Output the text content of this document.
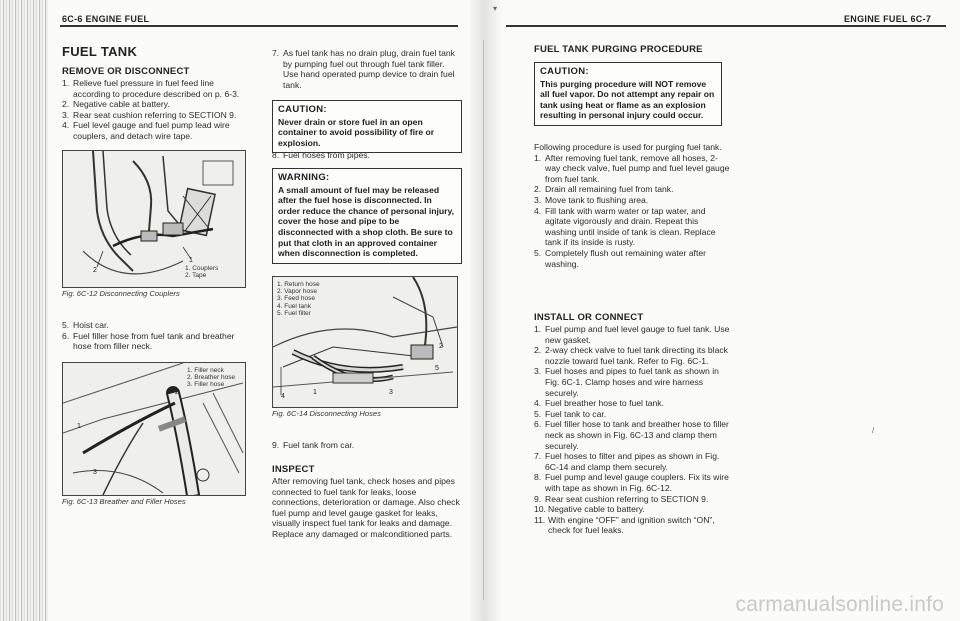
6C-6 ENGINE FUEL
FUEL TANK
REMOVE OR DISCONNECT
1. Relieve fuel pressure in fuel feed line according to procedure described on p. 6-3.
2. Negative cable at battery.
3. Rear seat cushion referring to SECTION 9.
4. Fuel level gauge and fuel pump lead wire couplers, and detach wire tape.
1
2	1. Couplers
2. Tape
Fig. 6C-12 Disconnecting Couplers
5. Hoist car.
6. Fuel filler hose from fuel tank and breather hose from filler neck.
1
2
3
1. Filler neck
2. Breather hose
3. Filler hose
Fig. 6C-13 Breather and Filler Hoses
7. As fuel tank has no drain plug, drain fuel tank by pumping fuel out through fuel tank filler. Use hand operated pump device to drain fuel tank.
CAUTION:
Never drain or store fuel in an open container to avoid possibility of fire or explosion.
8. Fuel hoses from pipes.
WARNING:
A small amount of fuel may be released after the fuel hose is disconnected. In order reduce the chance of personal injury, cover the hose and pipe to be disconnected with a shop cloth. Be sure to put that cloth in an approved container when disconnection is completed.
1. Return hose
2. Vapor hose
3. Feed hose
4. Fuel tank
5. Fuel filter
1
2
3
4
5
Fig. 6C-14 Disconnecting Hoses
9. Fuel tank from car.
INSPECT

After removing fuel tank, check hoses and pipes connected to fuel tank for leaks, loose connections, deterioration or damage. Also check fuel pump and level gauge gasket for leaks, visually inspect fuel tank for leaks and damage.

Replace any damaged or malconditioned parts.

ENGINE FUEL 6C-7
▾
FUEL TANK PURGING PROCEDURE
CAUTION:
This purging procedure will NOT remove all fuel vapor. Do not attempt any repair on tank using heat or flame as an explosion resulting in personal injury could occur.

Following procedure is used for purging fuel tank.

1. After removing fuel tank, remove all hoses, 2-way check valve, fuel pump and fuel level gauge from fuel tank.
2. Drain all remaining fuel from tank.
3. Move tank to flushing area.
4. Fill tank with warm water or tap water, and agitate vigorously and drain. Repeat this washing until inside of tank is clean. Replace tank if its inside is rusty.
5. Completely flush out remaining water after washing.
INSTALL OR CONNECT
1. Fuel pump and fuel level gauge to fuel tank. Use new gasket.
2. 2-way check valve to fuel tank directing its black nozzle toward fuel tank. Refer to Fig. 6C-1.
3. Fuel hoses and pipes to fuel tank as shown in Fig. 6C-1. Clamp hoses and wire harness securely.
4. Fuel breather hose to fuel tank.
5. Fuel tank to car.
6. Fuel filler hose to tank and breather hose to filler neck as shown in Fig. 6C-13 and clamp them securely.
7. Fuel hoses to filter and pipes as shown in Fig. 6C-14 and clamp them securely.
8. Fuel pump and level gauge couplers. Fix its wire with tape as shown in Fig. 6C-12.
9. Rear seat cushion referring to SECTION 9.
10. Negative cable to battery.
11. With engine “OFF” and ignition switch “ON”, check for fuel leaks.
/
carmanualsonline.info
